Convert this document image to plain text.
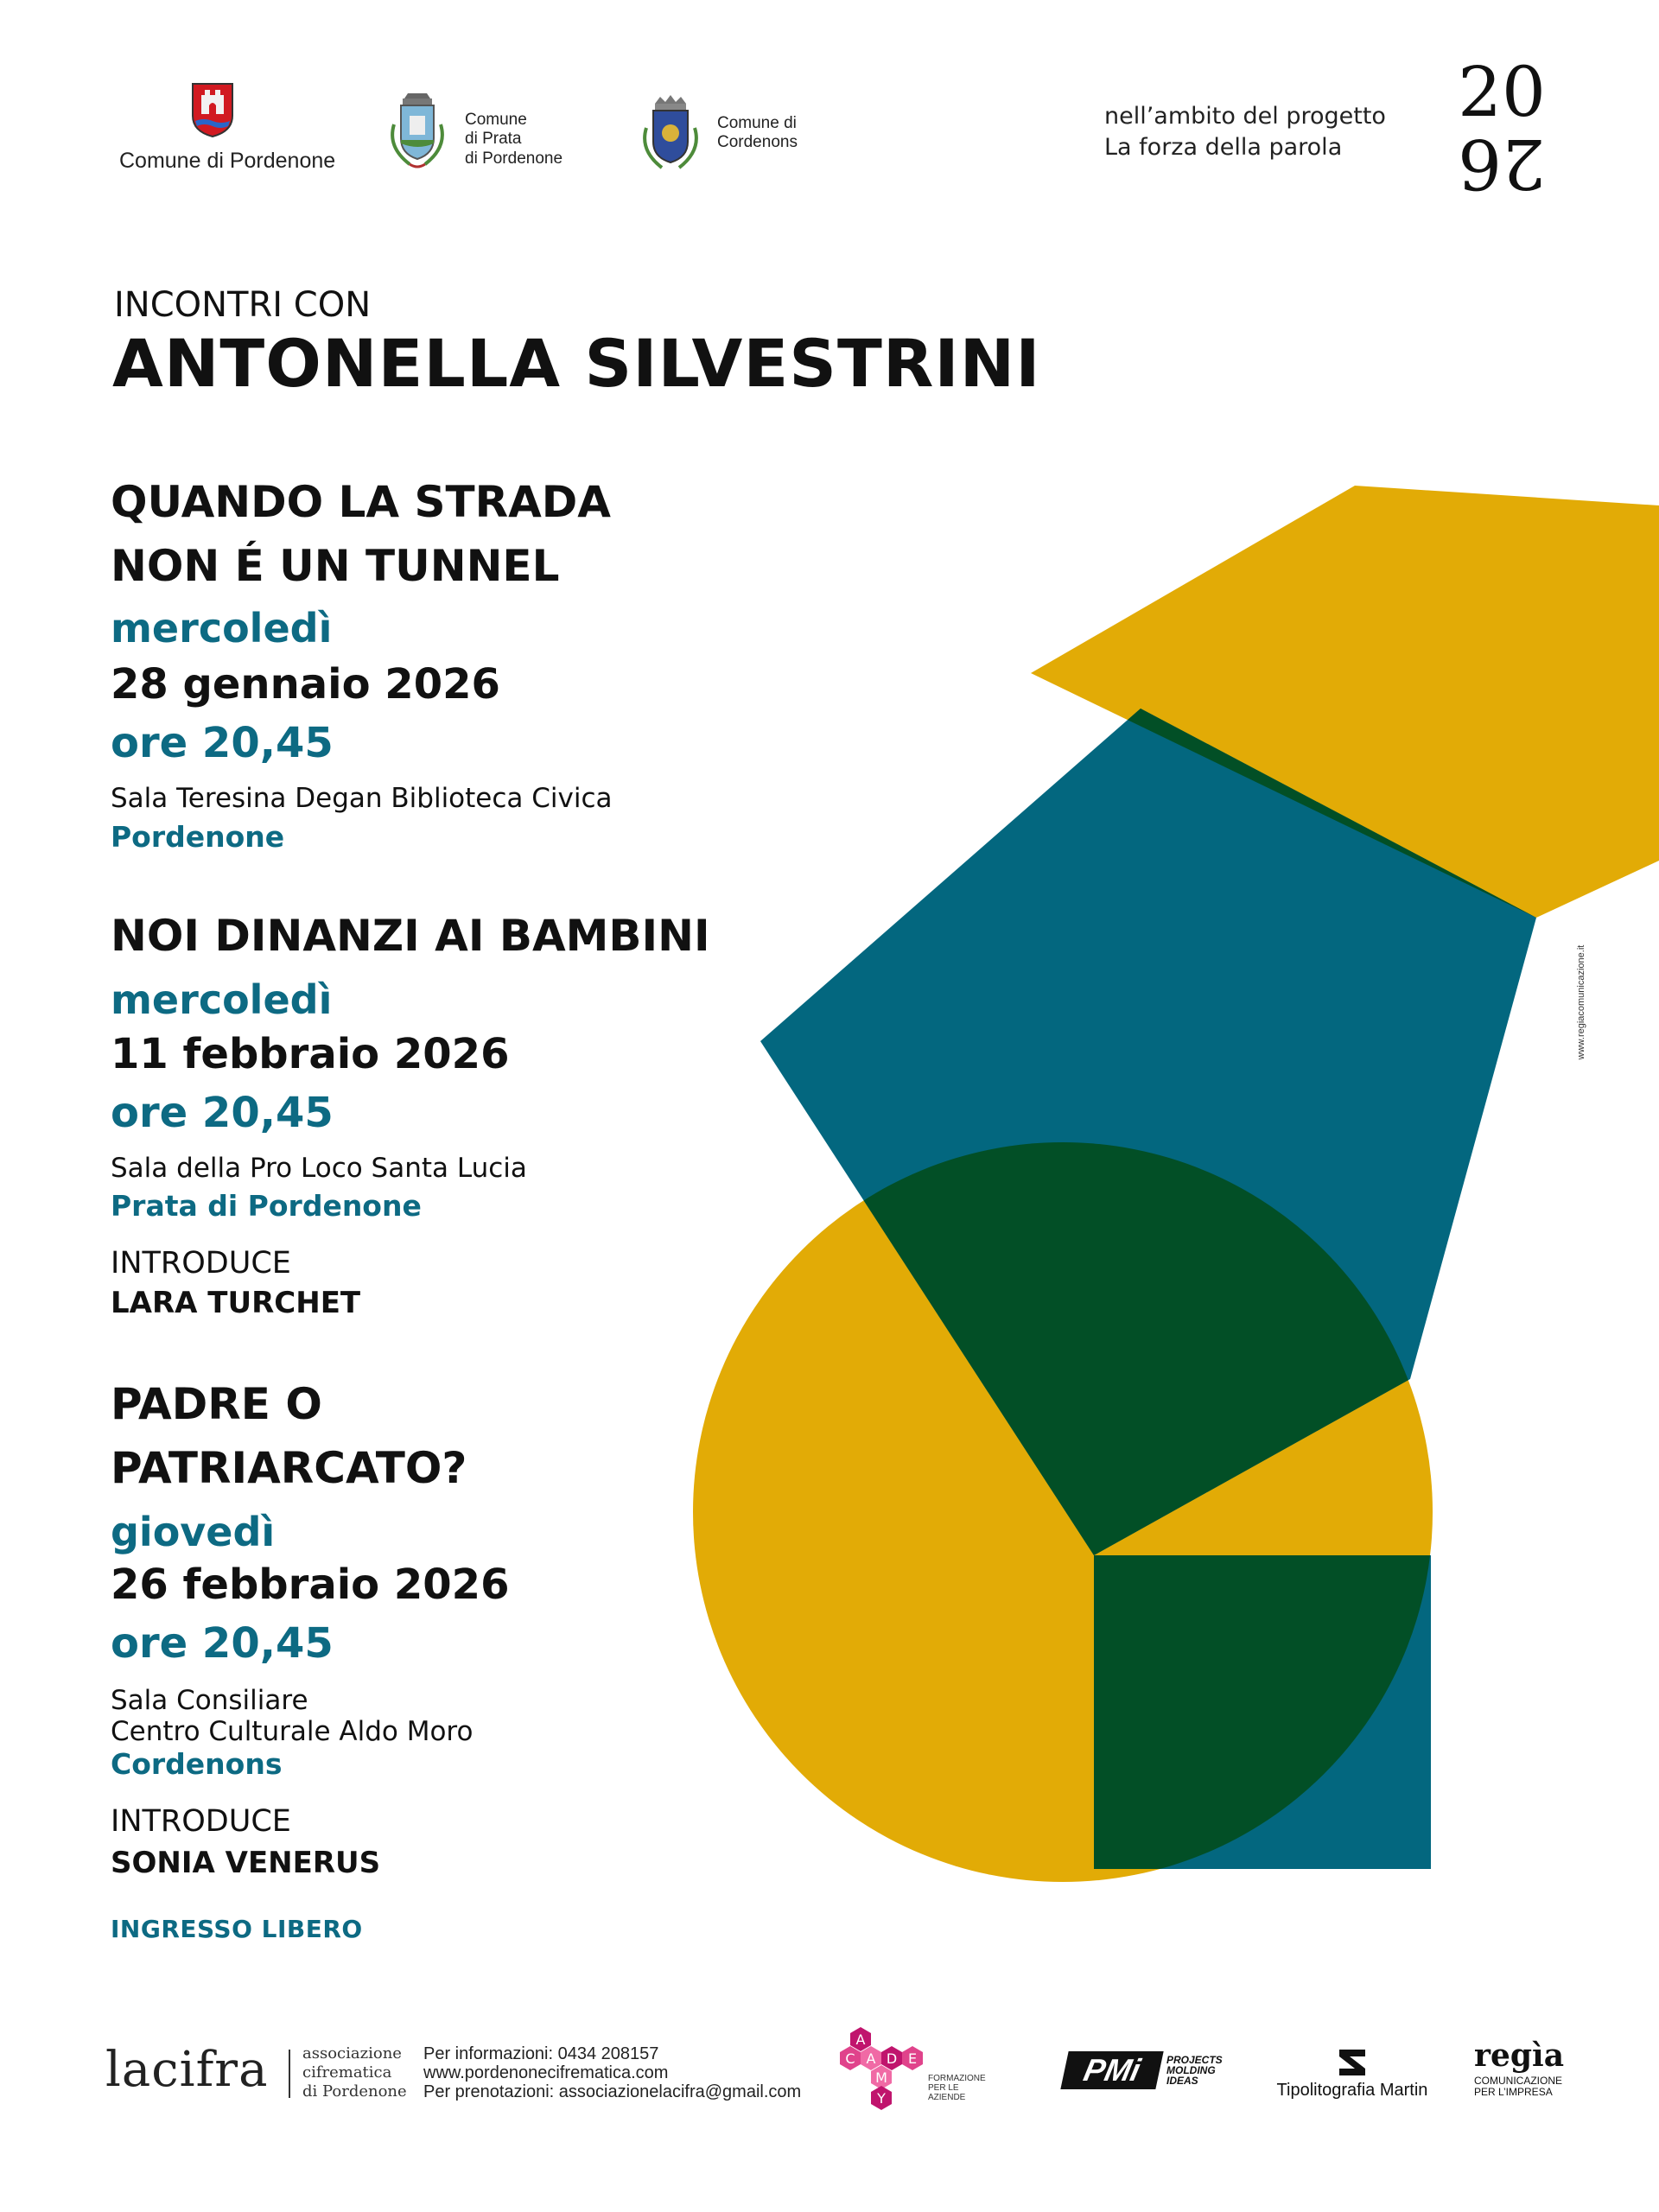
Comune di Pordenone
Comune
di Prata
di Pordenone
Comune di
Cordenons
nell’ambito del progetto
La forza della parola
20
26
INCONTRI CON
ANTONELLA SILVESTRINI
QUANDO LA STRADA
NON É UN TUNNEL
mercoledì
28 gennaio 2026
ore 20,45
Sala Teresina Degan Biblioteca Civica
Pordenone
NOI DINANZI AI BAMBINI
mercoledì
11 febbraio 2026
ore 20,45
Sala della Pro Loco Santa Lucia
Prata di Pordenone
INTRODUCE
LARA TURCHET
PADRE O
PATRIARCATO?
giovedì
26 febbraio 2026
ore 20,45
Sala Consiliare
Centro Culturale Aldo Moro
Cordenons
INTRODUCE
SONIA VENERUS
INGRESSO LIBERO
www.regiacomunicazione.it
lacifra associazione
cifrematica
di Pordenone
Per informazioni: 0434 208157
www.pordenonecifrematica.com
Per prenotazioni: associazionelacifra@gmail.com
A
C A D E
M
Y
FORMAZIONE
PER LE
AZIENDE
PMi	PROJECTS
MOLDING
IDEAS	Tipolitografia Martin
regìa
COMUNICAZIONE
PER L’IMPRESA
